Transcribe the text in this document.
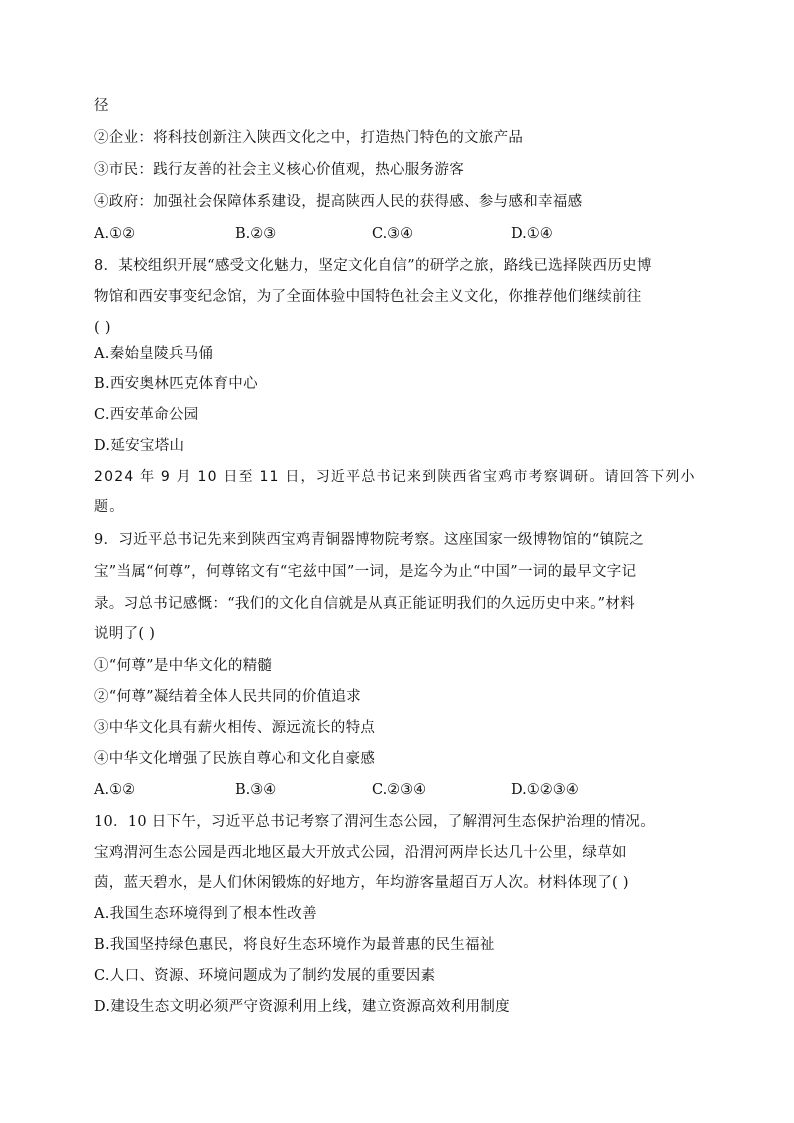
径
②企业：将科技创新注入陕西文化之中，打造热门特色的文旅产品
③市民：践行友善的社会主义核心价值观，热心服务游客
④政府：加强社会保障体系建设，提高陕西人民的获得感、参与感和幸福感
A.①②	B.②③	C.③④	D.①④
8．某校组织开展“感受文化魅力，坚定文化自信”的研学之旅，路线已选择陕西历史博
物馆和西安事变纪念馆，为了全面体验中国特色社会主义文化，你推荐他们继续前往
( )
A.秦始皇陵兵马俑
B.西安奥林匹克体育中心
C.西安革命公园
D.延安宝塔山
2024 年 9 月 10 日至 11 日，习近平总书记来到陕西省宝鸡市考察调研。请回答下列小
题。
9．习近平总书记先来到陕西宝鸡青铜器博物院考察。这座国家一级博物馆的“镇院之
宝”当属“何尊”，何尊铭文有“宅兹中国”一词，是迄今为止“中国”一词的最早文字记
录。习总书记感慨：“我们的文化自信就是从真正能证明我们的久远历史中来。”材料
说明了( )
①“何尊”是中华文化的精髓
②“何尊”凝结着全体人民共同的价值追求
③中华文化具有薪火相传、源远流长的特点
④中华文化增强了民族自尊心和文化自豪感
A.①②	B.③④	C.②③④	D.①②③④
10．10 日下午，习近平总书记考察了渭河生态公园，了解渭河生态保护治理的情况。
宝鸡渭河生态公园是西北地区最大开放式公园，沿渭河两岸长达几十公里，绿草如
茵，蓝天碧水，是人们休闲锻炼的好地方，年均游客量超百万人次。材料体现了( )
A.我国生态环境得到了根本性改善
B.我国坚持绿色惠民，将良好生态环境作为最普惠的民生福祉
C.人口、资源、环境问题成为了制约发展的重要因素
D.建设生态文明必须严守资源利用上线，建立资源高效利用制度
